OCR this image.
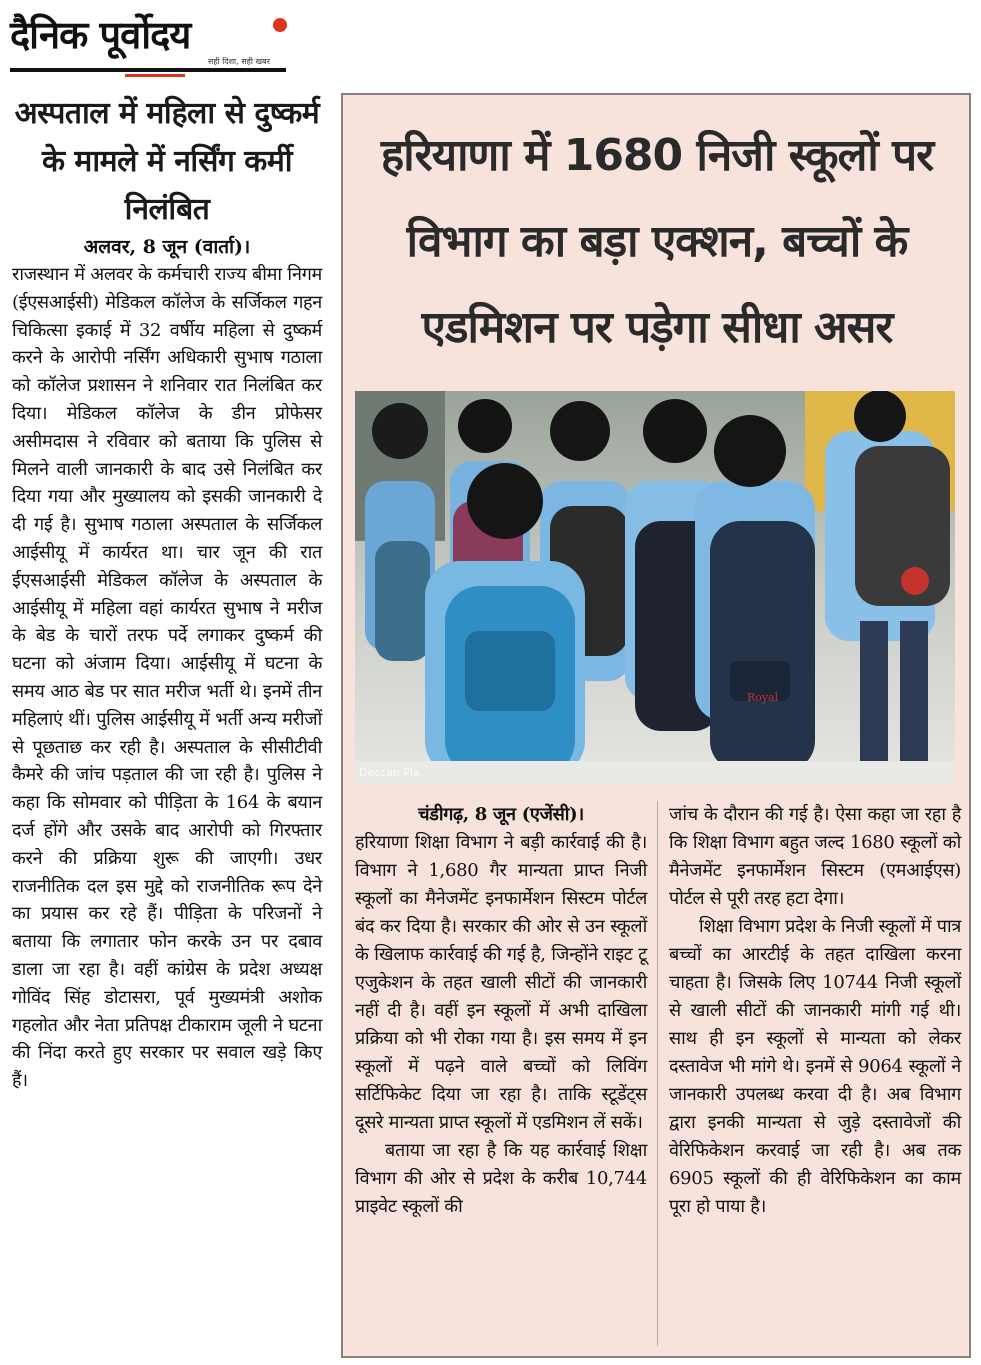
दैनिक पूर्वोदय
सही दिशा, सही खबर
अस्पताल में महिला से दुष्कर्म के मामले में नर्सिंग कर्मी निलंबित

अलवर, 8 जून (वार्ता)।

राजस्थान में अलवर के कर्मचारी राज्य बीमा निगम (ईएसआईसी) मेडिकल कॉलेज के सर्जिकल गहन चिकित्सा इकाई में 32 वर्षीय महिला से दुष्कर्म करने के आरोपी नर्सिंग अधिकारी सुभाष गठाला को कॉलेज प्रशासन ने शनिवार रात निलंबित कर दिया। मेडिकल कॉलेज के डीन प्रोफेसर असीमदास ने रविवार को बताया कि पुलिस से मिलने वाली जानकारी के बाद उसे निलंबित कर दिया गया और मुख्यालय को इसकी जानकारी दे दी गई है। सुभाष गठाला अस्पताल के सर्जिकल आईसीयू में कार्यरत था। चार जून की रात ईएसआईसी मेडिकल कॉलेज के अस्पताल के आईसीयू में महिला वहां कार्यरत सुभाष ने मरीज के बेड के चारों तरफ पर्दे लगाकर दुष्कर्म की घटना को अंजाम दिया। आईसीयू में घटना के समय आठ बेड पर सात मरीज भर्ती थे। इनमें तीन महिलाएं थीं। पुलिस आईसीयू में भर्ती अन्य मरीजों से पूछताछ कर रही है। अस्पताल के सीसीटीवी कैमरे की जांच पड़ताल की जा रही है। पुलिस ने कहा कि सोमवार को पीड़िता के 164 के बयान दर्ज होंगे और उसके बाद आरोपी को गिरफ्तार करने की प्रक्रिया शुरू की जाएगी। उधर राजनीतिक दल इस मुद्दे को राजनीतिक रूप देने का प्रयास कर रहे हैं। पीड़िता के परिजनों ने बताया कि लगातार फोन करके उन पर दबाव डाला जा रहा है। वहीं कांग्रेस के प्रदेश अध्यक्ष गोविंद सिंह डोटासरा, पूर्व मुख्यमंत्री अशोक गहलोत और नेता प्रतिपक्ष टीकाराम जूली ने घटना की निंदा करते हुए सरकार पर सवाल खड़े किए हैं।

हरियाणा में 1680 निजी स्कूलों पर विभाग का बड़ा एक्शन, बच्चों के एडमिशन पर पड़ेगा सीधा असर
Royal
Deccan Pix
चंडीगढ़, 8 जून (एजेंसी)।

हरियाणा शिक्षा विभाग ने बड़ी कार्रवाई की है। विभाग ने 1,680 गैर मान्यता प्राप्त निजी स्कूलों का मैनेजमेंट इनफार्मेशन सिस्टम पोर्टल बंद कर दिया है। सरकार की ओर से उन स्कूलों के खिलाफ कार्रवाई की गई है, जिन्होंने राइट टू एजुकेशन के तहत खाली सीटों की जानकारी नहीं दी है। वहीं इन स्कूलों में अभी दाखिला प्रक्रिया को भी रोका गया है। इस समय में इन स्कूलों में पढ़ने वाले बच्चों को लिविंग सर्टिफिकेट दिया जा रहा है। ताकि स्टूडेंट्स दूसरे मान्यता प्राप्त स्कूलों में एडमिशन लें सकें।

बताया जा रहा है कि यह कार्रवाई शिक्षा विभाग की ओर से प्रदेश के करीब 10,744 प्राइवेट स्कूलों की

जांच के दौरान की गई है। ऐसा कहा जा रहा है कि शिक्षा विभाग बहुत जल्द 1680 स्कूलों को मैनेजमेंट इनफार्मेशन सिस्टम (एमआईएस) पोर्टल से पूरी तरह हटा देगा।

शिक्षा विभाग प्रदेश के निजी स्कूलों में पात्र बच्चों का आरटीई के तहत दाखिला करना चाहता है। जिसके लिए 10744 निजी स्कूलों से खाली सीटों की जानकारी मांगी गई थी। साथ ही इन स्कूलों से मान्यता को लेकर दस्तावेज भी मांगे थे। इनमें से 9064 स्कूलों ने जानकारी उपलब्ध करवा दी है। अब विभाग द्वारा इनकी मान्यता से जुड़े दस्तावेजों की वेरिफिकेशन करवाई जा रही है। अब तक 6905 स्कूलों की ही वेरिफिकेशन का काम पूरा हो पाया है।
